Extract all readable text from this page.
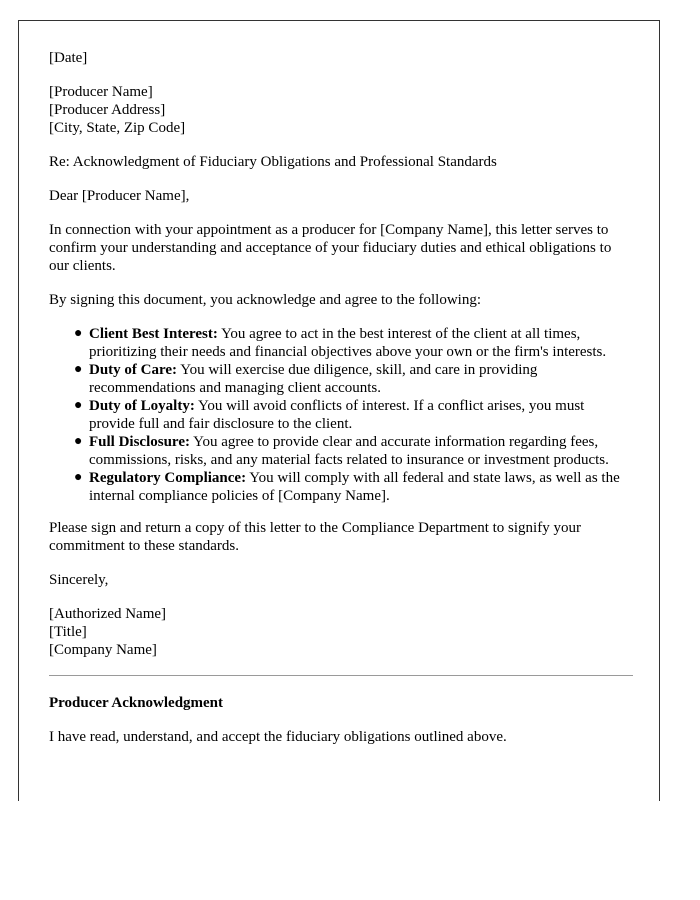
[Date]

[Producer Name]
[Producer Address]
[City, State, Zip Code]

Re: Acknowledgment of Fiduciary Obligations and Professional Standards

Dear [Producer Name],

In connection with your appointment as a producer for [Company Name], this letter serves to confirm your understanding and acceptance of your fiduciary duties and ethical obligations to our clients.

By signing this document, you acknowledge and agree to the following:

● Client Best Interest: You agree to act in the best interest of the client at all times, prioritizing their needs and financial objectives above your own or the firm's interests.
● Duty of Care: You will exercise due diligence, skill, and care in providing recommendations and managing client accounts.
● Duty of Loyalty: You will avoid conflicts of interest. If a conflict arises, you must provide full and fair disclosure to the client.
● Full Disclosure: You agree to provide clear and accurate information regarding fees, commissions, risks, and any material facts related to insurance or investment products.
● Regulatory Compliance: You will comply with all federal and state laws, as well as the internal compliance policies of [Company Name].

Please sign and return a copy of this letter to the Compliance Department to signify your commitment to these standards.

Sincerely,

[Authorized Name]
[Title]
[Company Name]

Producer Acknowledgment

I have read, understand, and accept the fiduciary obligations outlined above.
